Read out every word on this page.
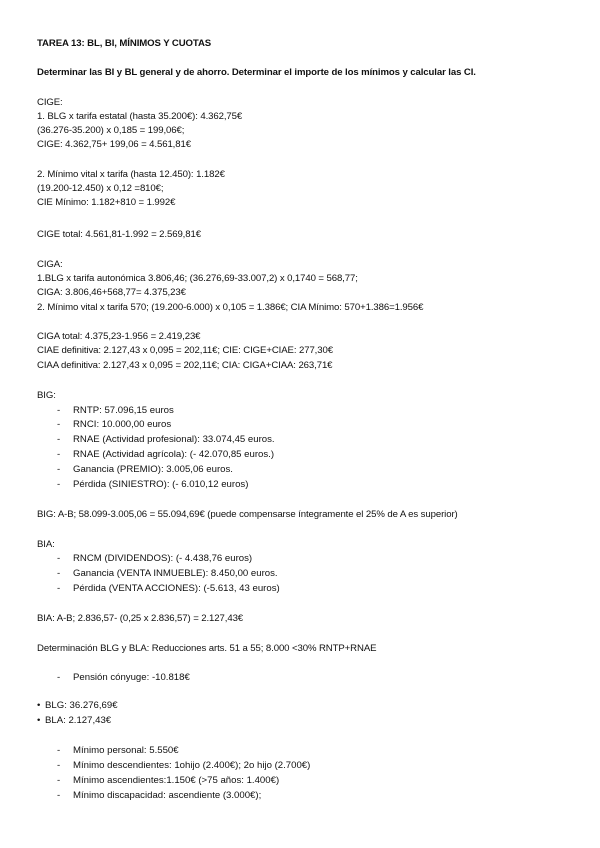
TAREA 13: BL, BI, MÍNIMOS Y CUOTAS
Determinar las BI y BL general y de ahorro. Determinar el importe de los mínimos y calcular las CI.
CIGE:
1. BLG x tarifa estatal (hasta 35.200€): 4.362,75€
(36.276-35.200) x 0,185 = 199,06€;
CIGE: 4.362,75+ 199,06 = 4.561,81€
2. Mínimo vital x tarifa (hasta 12.450): 1.182€
(19.200-12.450) x 0,12 =810€;
CIE Mínimo: 1.182+810 = 1.992€
CIGE total: 4.561,81-1.992 = 2.569,81€
CIGA:
1.BLG x tarifa autonómica 3.806,46; (36.276,69-33.007,2) x 0,1740 = 568,77;
CIGA: 3.806,46+568,77= 4.375,23€
2. Mínimo vital x tarifa 570; (19.200-6.000) x 0,105 = 1.386€; CIA Mínimo: 570+1.386=1.956€
CIGA total: 4.375,23-1.956 = 2.419,23€
CIAE definitiva: 2.127,43 x 0,095 = 202,11€; CIE: CIGE+CIAE: 277,30€
CIAA definitiva: 2.127,43 x 0,095 = 202,11€; CIA: CIGA+CIAA: 263,71€
BIG:
- RNTP: 57.096,15 euros
- RNCI: 10.000,00 euros
- RNAE (Actividad profesional): 33.074,45 euros.
- RNAE (Actividad agrícola): (- 42.070,85 euros.)
- Ganancia (PREMIO): 3.005,06 euros.
- Pérdida (SINIESTRO): (- 6.010,12 euros)
BIG: A-B; 58.099-3.005,06 = 55.094,69€ (puede compensarse íntegramente el 25% de A es superior)
BIA:
- RNCM (DIVIDENDOS): (- 4.438,76 euros)
- Ganancia (VENTA INMUEBLE): 8.450,00 euros.
- Pérdida (VENTA ACCIONES): (-5.613, 43 euros)
BIA: A-B; 2.836,57- (0,25 x 2.836,57) = 2.127,43€
Determinación BLG y BLA: Reducciones arts. 51 a 55; 8.000 <30% RNTP+RNAE
- Pensión cónyuge: -10.818€
• BLG: 36.276,69€
• BLA: 2.127,43€
- Mínimo personal: 5.550€
- Mínimo descendientes: 1ohijo (2.400€); 2o hijo (2.700€)
- Mínimo ascendientes:1.150€ (>75 años: 1.400€)
- Mínimo discapacidad: ascendiente (3.000€);
